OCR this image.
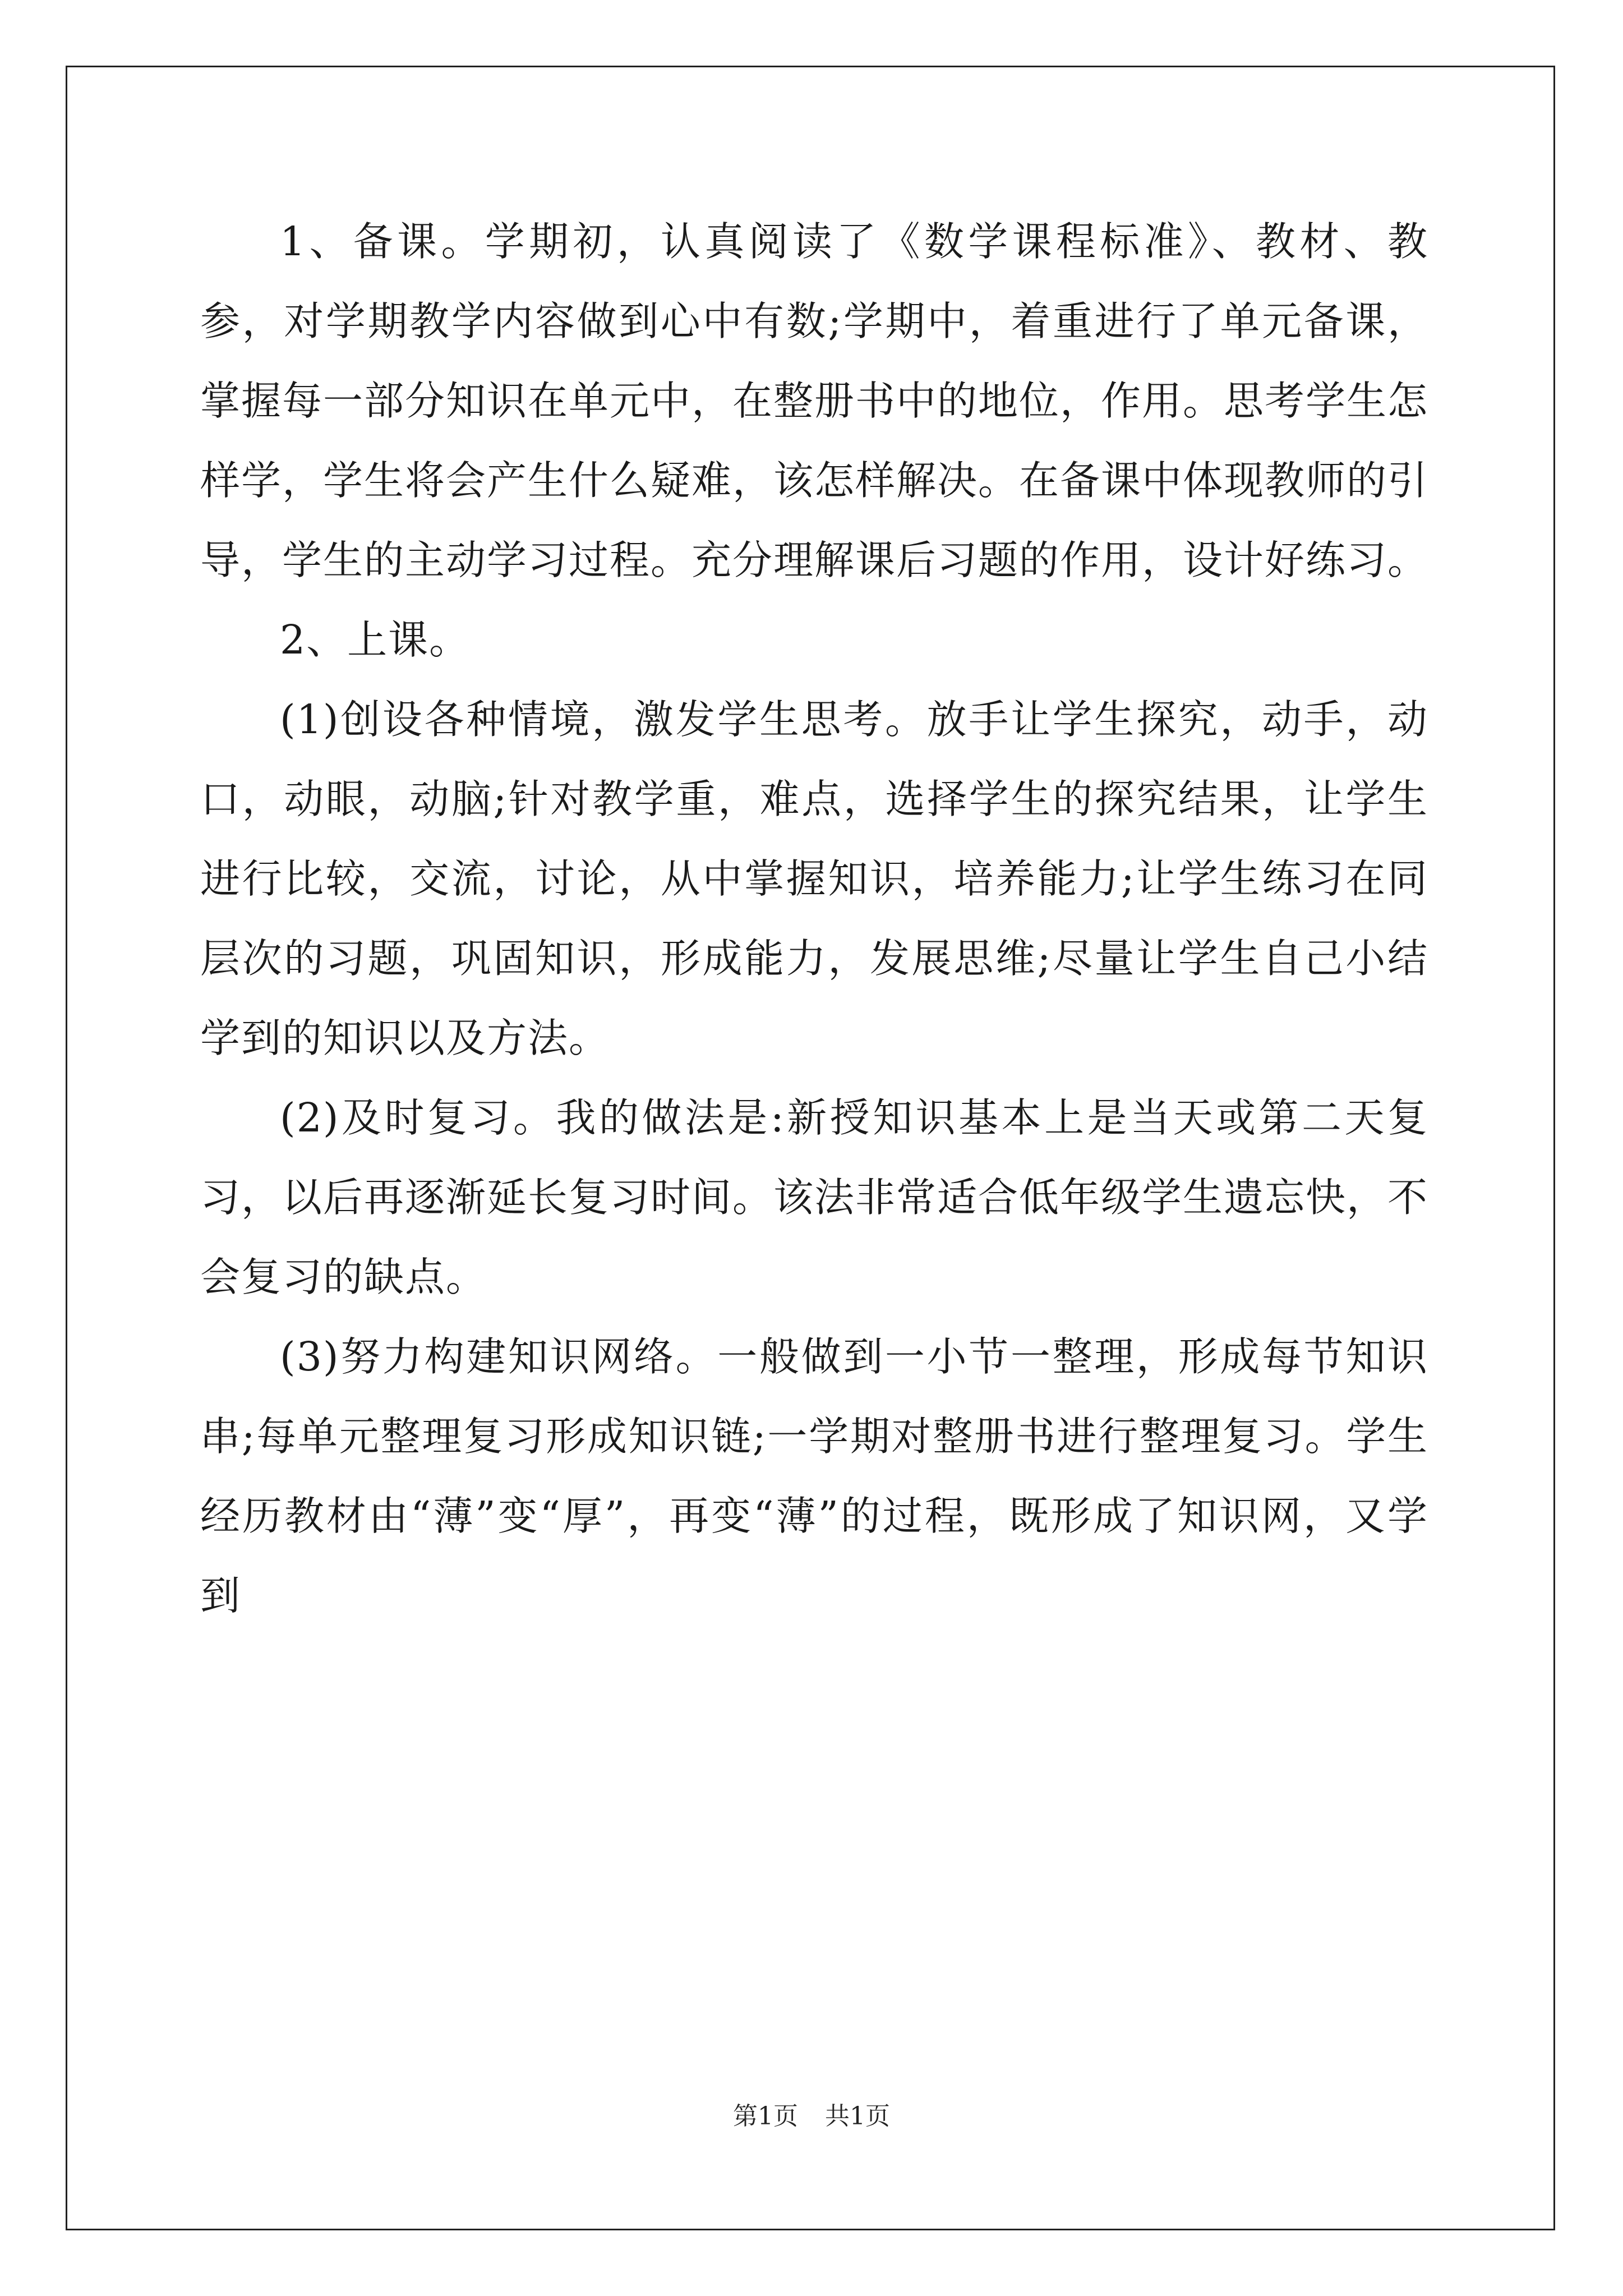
1、备课。学期初，认真阅读了《数学课程标准》、教材、教参，对学期教学内容做到心中有数;学期中，着重进行了单元备课，掌握每一部分知识在单元中，在整册书中的地位，作用。思考学生怎样学，学生将会产生什么疑难，该怎样解决。在备课中体现教师的引导，学生的主动学习过程。充分理解课后习题的作用，设计好练习。

2、上课。

(1)创设各种情境，激发学生思考。放手让学生探究，动手，动口，动眼，动脑;针对教学重，难点，选择学生的探究结果，让学生进行比较，交流，讨论，从中掌握知识，培养能力;让学生练习在同层次的习题，巩固知识，形成能力，发展思维;尽量让学生自己小结学到的知识以及方法。

(2)及时复习。我的做法是:新授知识基本上是当天或第二天复习，以后再逐渐延长复习时间。该法非常适合低年级学生遗忘快，不会复习的缺点。

(3)努力构建知识网络。一般做到一小节一整理，形成每节知识串;每单元整理复习形成知识链;一学期对整册书进行整理复习。学生经历教材由“薄”变“厚”，再变“薄”的过程，既形成了知识网，又学到

第1页 共1页
